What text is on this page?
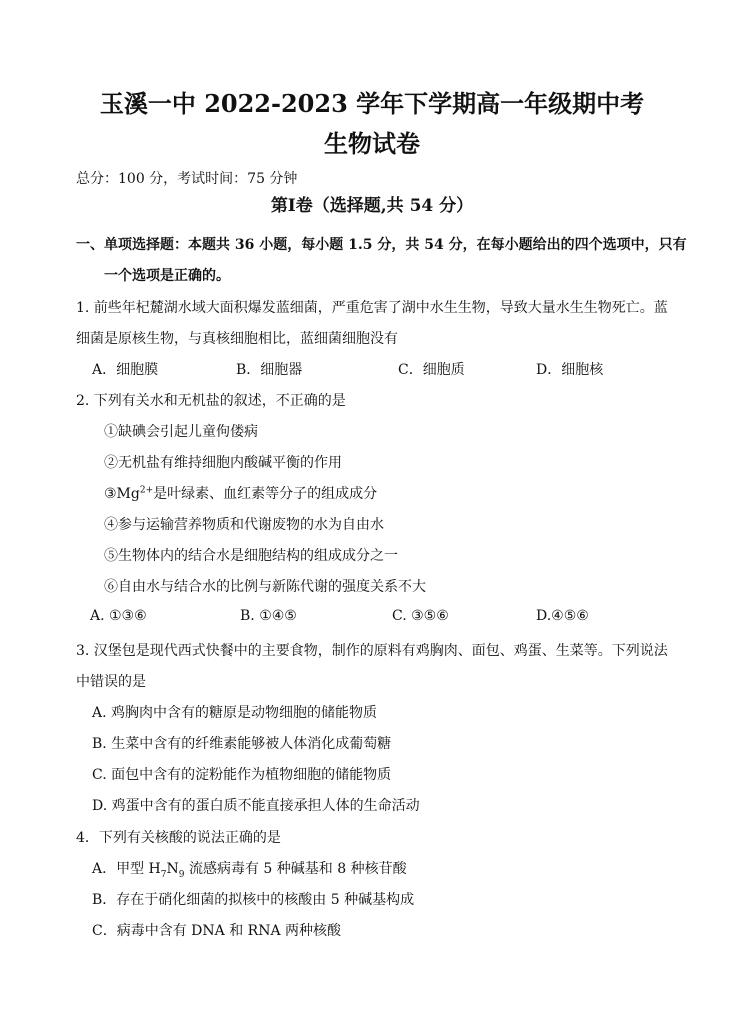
玉溪一中 2022-2023 学年下学期高一年级期中考
生物试卷
总分：100 分，考试时间：75 分钟
第Ⅰ卷（选择题,共 54 分）
一、单项选择题：本题共 36 小题，每小题 1.5 分，共 54 分，在每小题给出的四个选项中，只有
一个选项是正确的。
1. 前些年杞麓湖水域大面积爆发蓝细菌，严重危害了湖中水生生物，导致大量水生生物死亡。蓝
细菌是原核生物，与真核细胞相比，蓝细菌细胞没有
A．细胞膜	B．细胞器	C．细胞质	D．细胞核
2. 下列有关水和无机盐的叙述，不正确的是
①缺碘会引起儿童佝偻病
②无机盐有维持细胞内酸碱平衡的作用
$③Mg^{2+}$是叶绿素、血红素等分子的组成成分
④参与运输营养物质和代谢废物的水为自由水
⑤生物体内的结合水是细胞结构的组成成分之一
⑥自由水与结合水的比例与新陈代谢的强度关系不大
A. ①③⑥	B. ①④⑤	C. ③⑤⑥	D.④⑤⑥
3. 汉堡包是现代西式快餐中的主要食物，制作的原料有鸡胸肉、面包、鸡蛋、生菜等。下列说法
中错误的是
A. 鸡胸肉中含有的糖原是动物细胞的储能物质
B. 生菜中含有的纤维素能够被人体消化成葡萄糖
C. 面包中含有的淀粉能作为植物细胞的储能物质
D. 鸡蛋中含有的蛋白质不能直接承担人体的生命活动
4．下列有关核酸的说法正确的是
A．甲型 $H_7N_9$ 流感病毒有 5 种碱基和 8 种核苷酸
B．存在于硝化细菌的拟核中的核酸由 5 种碱基构成
C．病毒中含有 DNA 和 RNA 两种核酸
